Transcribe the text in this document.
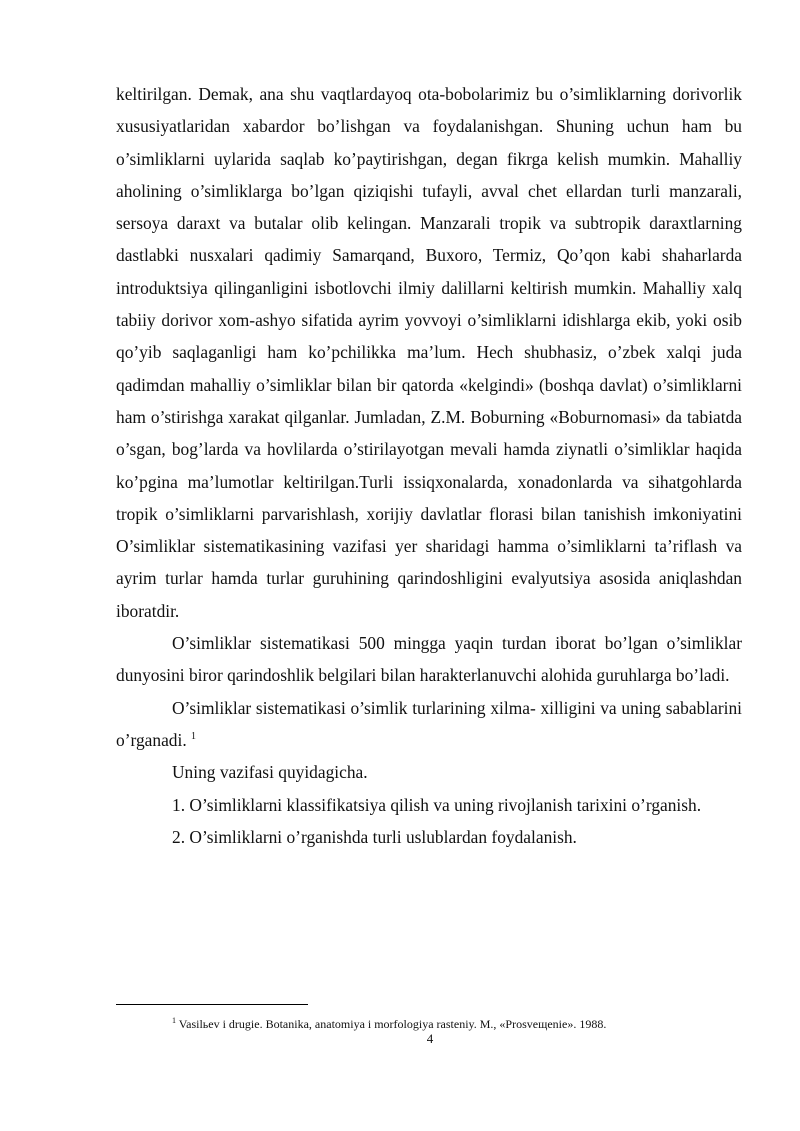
keltirilgan. Demak, ana shu vaqtlardayoq ota-bobolarimiz bu o’simliklarning dorivorlik xususiyatlaridan xabardor bo’lishgan va foydalanishgan. Shuning uchun ham bu o’simliklarni uylarida saqlab ko’paytirishgan, degan fikrga kelish mumkin. Mahalliy aholining o’simliklarga bo’lgan qiziqishi tufayli, avval chet ellardan turli manzarali, sersoya daraxt va butalar olib kelingan. Manzarali tropik va subtropik daraxtlarning dastlabki nusxalari qadimiy Samarqand, Buxoro, Termiz, Qo’qon kabi shaharlarda introduktsiya qilinganligini isbotlovchi ilmiy dalillarni keltirish mumkin. Mahalliy xalq tabiiy dorivor xom-ashyo sifatida ayrim yovvoyi o’simliklarni idishlarga ekib, yoki osib qo’yib saqlaganligi ham ko’pchilikka ma’lum. Hech shubhasiz, o’zbek xalqi juda qadimdan mahalliy o’simliklar bilan bir qatorda «kelgindi» (boshqa davlat) o’simliklarni ham o’stirishga xarakat qilganlar. Jumladan, Z.M. Boburning «Boburnomasi» da tabiatda o’sgan, bog’larda va hovlilarda o’stirilayotgan mevali hamda ziynatli o’simliklar haqida ko’pgina ma’lumotlar keltirilgan.Turli issiqxonalarda, xonadonlarda va sihatgohlarda tropik o’simliklarni parvarishlash, xorijiy davlatlar florasi bilan tanishish imkoniyatini O’simliklar sistematikasining vazifasi yer sharidagi hamma o’simliklarni ta’riflash va ayrim turlar hamda turlar guruhining qarindoshligini evalyutsiya asosida aniqlashdan iboratdir.

O’simliklar sistematikasi 500 mingga yaqin turdan iborat bo’lgan o’simliklar dunyosini biror qarindoshlik belgilari bilan harakterlanuvchi alohida guruhlarga bo’ladi.

O’simliklar sistematikasi o’simlik turlarining xilma- xilligini va uning sabablarini o’rganadi. $^1$

Uning vazifasi quyidagicha.

1. O’simliklarni klassifikatsiya qilish va uning rivojlanish tarixini o’rganish.

2. O’simliklarni o’rganishda turli uslublardan foydalanish.

$^1$ Vasilьev i drugie. Botanika, anatomiya i morfologiya rasteniy. M., «Prosveщenie». 1988.
4
